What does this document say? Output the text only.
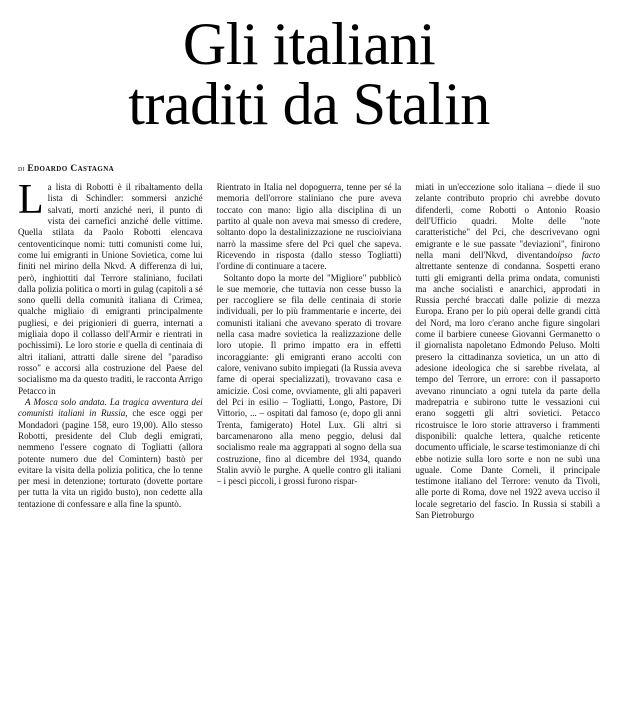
Gli italiani
traditi da Stalin
di Edoardo Castagna

La lista di Robotti è il ribaltamento della lista di Schindler: sommersi anziché salvati, morti anziché neri, il punto di vista dei carnefici anziché delle vittime. Quella stilata da Paolo Robotti elencava centoventicinque nomi: tutti comunisti come lui, come lui emigranti in Unione Sovietica, come lui finiti nel mirino della Nkvd. A differenza di lui, però, inghiottiti dal Terrore staliniano, fucilati dalla polizia politica o morti in gulag (capitoli a sé sono quelli della comunità italiana di Crimea, qualche migliaio di emigranti principalmente pugliesi, e dei prigionieri di guerra, internati a migliaia dopo il collasso dell'Armir e rientrati in pochissimi). Le loro storie e quella di centinaia di altri italiani, attratti dalle sirene del "paradiso rosso" e accorsi alla costruzione del Paese del socialismo ma da questo traditi, le racconta Arrigo Petacco in

A Mosca solo andata. La tragica avventura dei comunisti italiani in Russia, che esce oggi per Mondadori (pagine 158, euro 19,00). Allo stesso Robotti, presidente del Club degli emigrati, nemmeno l'essere cognato di Togliatti (allora potente numero due del Comintern) bastò per evitare la visita della polizia politica, che lo tenne per mesi in detenzione; torturato (dovette portare per tutta la vita un rigido busto), non cedette alla tentazione di confessare e alla fine la spuntò.

Rientrato in Italia nel dopoguerra, tenne per sé la memoria dell'orrore staliniano che pure aveva toccato con mano: ligio alla disciplina di un partito al quale non aveva mai smesso di credere, soltanto dopo la destalinizzazione ne ruscioiviana narrò la massime sfere del Pci quel che sapeva. Ricevendo in risposta (dallo stesso Togliatti) l'ordine di continuare a tacere.

Soltanto dopo la morte del "Migliore" pubblicò le sue memorie, che tuttavia non cesse busso la per raccogliere se fila delle centinaia di storie individuali, per lo più frammentarie e incerte, dei comunisti italiani che avevano sperato di trovare nella casa madre sovietica la realizzazione delle loro utopie. Il primo impatto era in effetti incoraggiante: gli emigranti erano accolti con calore, venivano subito impiegati (la Russia aveva fame di operai specializzati), trovavano casa e amicizie. Così come, ovviamente, gli alti papaveri del Pci in esilio – Togliatti, Longo, Pastore, Di Vittorio, ... – ospitati dal famoso (e, dopo gli anni Trenta, famigerato) Hotel Lux. Gli altri si barcamenarono alla meno peggio, delusi dal socialismo reale ma aggrappati al sogno della sua costruzione, fino al dicembre del 1934, quando Stalin avviò le purghe. A quelle contro gli italiani – i pesci piccoli, i grossi furono rispar-

miati in un'eccezione solo italiana – diede il suo zelante contributo proprio chi avrebbe dovuto difenderli, come Robotti o Antonio Roasio dell'Ufficio quadri. Molte delle "note caratteristiche" del Pci, che descrivevano ogni emigrante e le sue passate "deviazioni", finirono nella mani dell'Nkvd, diventandoipso facto altrettante sentenze di condanna. Sospetti erano tutti gli emigranti della prima ondata, comunisti ma anche socialisti e anarchici, approdati in Russia perché braccati dalle polizie di mezza Europa. Erano per lo più operai delle grandi città del Nord, ma loro c'erano anche figure singolari come il barbiere cuneese Giovanni Germanetto o il giornalista napoletano Edmondo Peluso. Molti presero la cittadinanza sovietica, un un atto di adesione ideologica che si sarebbe rivelata, al tempo del Terrore, un errore: con il passaporto avevano rinunciato a ogni tutela da parte della madrepatria e subirono tutte le vessazioni cui erano soggetti gli altri sovietici. Petacco ricostruisce le loro storie attraverso i frammenti disponibili: qualche lettera, qualche reticente documento ufficiale, le scarse testimonianze di chi ebbe notizie sulla loro sorte e non ne subì una uguale. Come Dante Corneli, il principale testimone italiano del Terrore: venuto da Tivoli, alle porte di Roma, dove nel 1922 aveva ucciso il locale segretario del fascio. In Russia si stabilì a San Pietroburgo
